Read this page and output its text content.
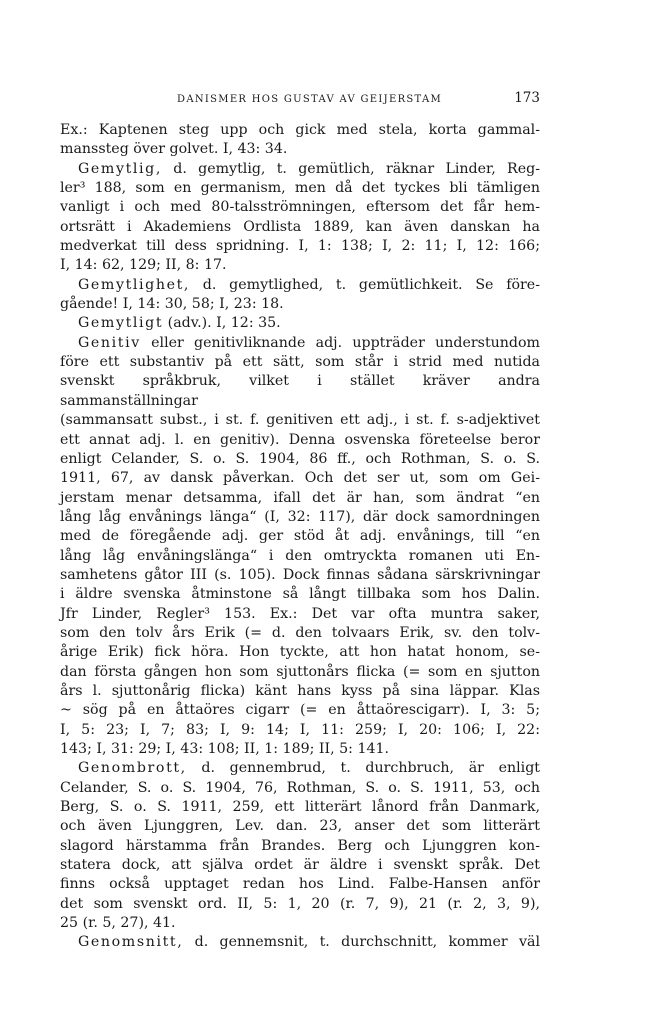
DANISMER HOS GUSTAV AV GEIJERSTAM	173

Ex.: Kaptenen steg upp och gick med stela, korta gammal-

manssteg över golvet. I, 43: 34.

Gemytlig, d. gemytlig, t. gemütlich, räknar Linder, Reg-

ler³ 188, som en germanism, men då det tyckes bli tämligen

vanligt i och med 80-talsströmningen, eftersom det får hem-

ortsrätt i Akademiens Ordlista 1889, kan även danskan ha

medverkat till dess spridning. I, 1: 138; I, 2: 11; I, 12: 166;

I, 14: 62, 129; II, 8: 17.

Gemytlighet, d. gemytlighed, t. gemütlichkeit. Se före-

gående! I, 14: 30, 58; I, 23: 18.

Gemytligt (adv.). I, 12: 35.

Genitiv eller genitivliknande adj. uppträder understundom

före ett substantiv på ett sätt, som står i strid med nutida

svenskt språkbruk, vilket i stället kräver andra sammanställningar

(sammansatt subst., i st. f. genitiven ett adj., i st. f. s-adjektivet

ett annat adj. l. en genitiv). Denna osvenska företeelse beror

enligt Celander, S. o. S. 1904, 86 ff., och Rothman, S. o. S.

1911, 67, av dansk påverkan. Och det ser ut, som om Gei-

jerstam menar detsamma, ifall det är han, som ändrat “en

lång låg envånings länga“ (I, 32: 117), där dock samordningen

med de föregående adj. ger stöd åt adj. envånings, till “en

lång låg envåningslänga“ i den omtryckta romanen uti En-

samhetens gåtor III (s. 105). Dock finnas sådana särskrivningar

i äldre svenska åtminstone så långt tillbaka som hos Dalin.

Jfr Linder, Regler³ 153. Ex.: Det var ofta muntra saker,

som den tolv års Erik (= d. den tolvaars Erik, sv. den tolv-

årige Erik) fick höra. Hon tyckte, att hon hatat honom, se-

dan första gången hon som sjuttonårs flicka (= som en sjutton

års l. sjuttonårig flicka) känt hans kyss på sina läppar. Klas

~ sög på en åttaöres cigarr (= en åttaörescigarr). I, 3: 5;

I, 5: 23; I, 7; 83; I, 9: 14; I, 11: 259; I, 20: 106; I, 22:

143; I, 31: 29; I, 43: 108; II, 1: 189; II, 5: 141.

Genombrott, d. gennembrud, t. durchbruch, är enligt

Celander, S. o. S. 1904, 76, Rothman, S. o. S. 1911, 53, och

Berg, S. o. S. 1911, 259, ett litterärt lånord från Danmark,

och även Ljunggren, Lev. dan. 23, anser det som litterärt

slagord härstamma från Brandes. Berg och Ljunggren kon-

statera dock, att själva ordet är äldre i svenskt språk. Det

finns också upptaget redan hos Lind. Falbe-Hansen anför

det som svenskt ord. II, 5: 1, 20 (r. 7, 9), 21 (r. 2, 3, 9),

25 (r. 5, 27), 41.

Genomsnitt, d. gennemsnit, t. durchschnitt, kommer väl
